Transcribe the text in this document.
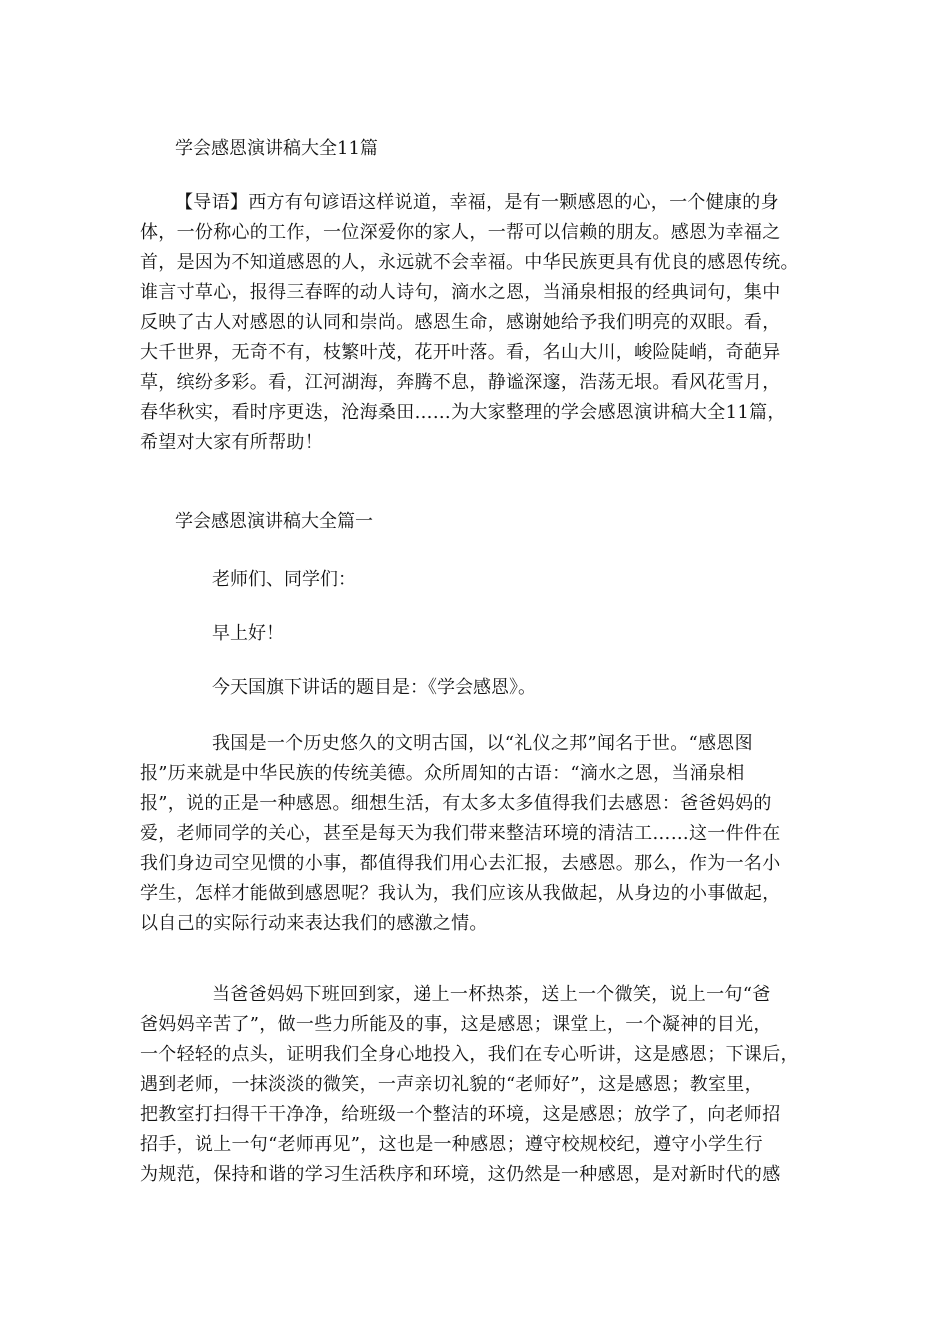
学会感恩演讲稿大全11篇
【导语】西方有句谚语这样说道，幸福，是有一颗感恩的心，一个健康的身
体，一份称心的工作，一位深爱你的家人，一帮可以信赖的朋友。感恩为幸福之
首，是因为不知道感恩的人，永远就不会幸福。中华民族更具有优良的感恩传统。
谁言寸草心，报得三春晖的动人诗句，滴水之恩，当涌泉相报的经典词句，集中
反映了古人对感恩的认同和崇尚。感恩生命，感谢她给予我们明亮的双眼。看，
大千世界，无奇不有，枝繁叶茂，花开叶落。看，名山大川，峻险陡峭，奇葩异
草，缤纷多彩。看，江河湖海，奔腾不息，静谧深邃，浩荡无垠。看风花雪月，
春华秋实，看时序更迭，沧海桑田……为大家整理的学会感恩演讲稿大全11篇，
希望对大家有所帮助！
学会感恩演讲稿大全篇一
老师们、同学们：
早上好！
今天国旗下讲话的题目是：《学会感恩》。
我国是一个历史悠久的文明古国，以“礼仪之邦”闻名于世。“感恩图
报”历来就是中华民族的传统美德。众所周知的古语：“滴水之恩，当涌泉相
报”，说的正是一种感恩。细想生活，有太多太多值得我们去感恩：爸爸妈妈的
爱，老师同学的关心，甚至是每天为我们带来整洁环境的清洁工……这一件件在
我们身边司空见惯的小事，都值得我们用心去汇报，去感恩。那么，作为一名小
学生，怎样才能做到感恩呢？我认为，我们应该从我做起，从身边的小事做起，
以自己的实际行动来表达我们的感激之情。
当爸爸妈妈下班回到家，递上一杯热茶，送上一个微笑，说上一句“爸
爸妈妈辛苦了”，做一些力所能及的事，这是感恩；课堂上，一个凝神的目光，
一个轻轻的点头，证明我们全身心地投入，我们在专心听讲，这是感恩；下课后，
遇到老师，一抹淡淡的微笑，一声亲切礼貌的“老师好”，这是感恩；教室里，
把教室打扫得干干净净，给班级一个整洁的环境，这是感恩；放学了，向老师招
招手，说上一句“老师再见”，这也是一种感恩；遵守校规校纪，遵守小学生行
为规范，保持和谐的学习生活秩序和环境，这仍然是一种感恩，是对新时代的感
